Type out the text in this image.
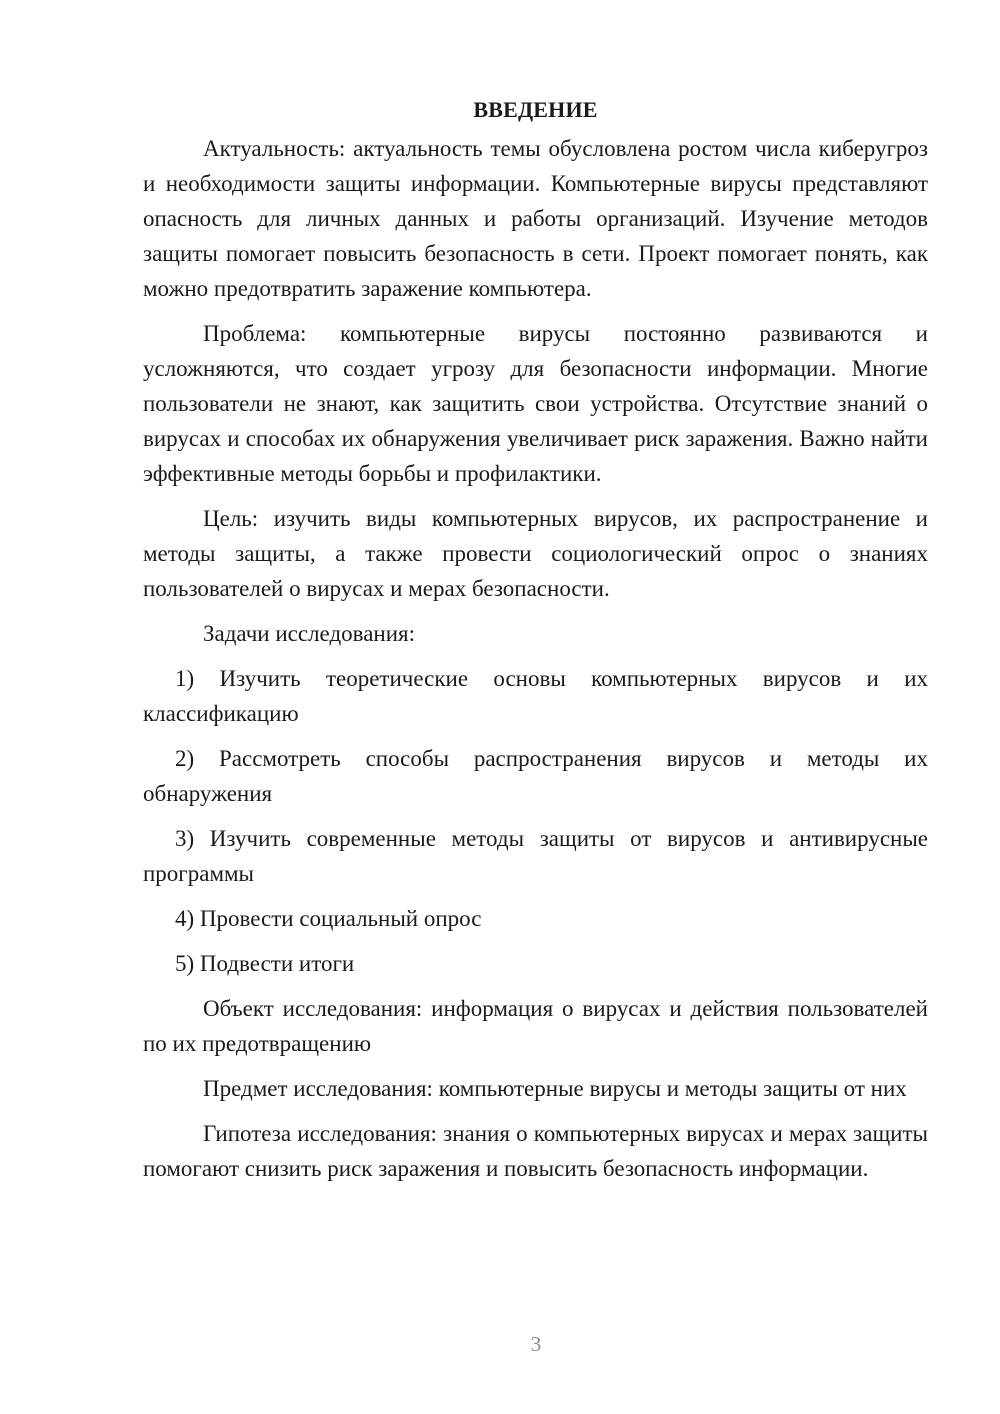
ВВЕДЕНИЕ

Актуальность: актуальность темы обусловлена ростом числа киберугроз и необходимости защиты информации. Компьютерные вирусы представляют опасность для личных данных и работы организаций. Изучение методов защиты помогает повысить безопасность в сети. Проект помогает понять, как можно предотвратить заражение компьютера.

Проблема: компьютерные вирусы постоянно развиваются и усложняются, что создает угрозу для безопасности информации. Многие пользователи не знают, как защитить свои устройства. Отсутствие знаний о вирусах и способах их обнаружения увеличивает риск заражения. Важно найти эффективные методы борьбы и профилактики.

Цель: изучить виды компьютерных вирусов, их распространение и методы защиты, а также провести социологический опрос о знаниях пользователей о вирусах и мерах безопасности.

Задачи исследования:

1) Изучить теоретические основы компьютерных вирусов и их классификацию

2) Рассмотреть способы распространения вирусов и методы их обнаружения

3) Изучить современные методы защиты от вирусов и антивирусные программы

4) Провести социальный опрос

5) Подвести итоги

Объект исследования: информация о вирусах и действия пользователей по их предотвращению

Предмет исследования: компьютерные вирусы и методы защиты от них

Гипотеза исследования: знания о компьютерных вирусах и мерах защиты помогают снизить риск заражения и повысить безопасность информации.

3
